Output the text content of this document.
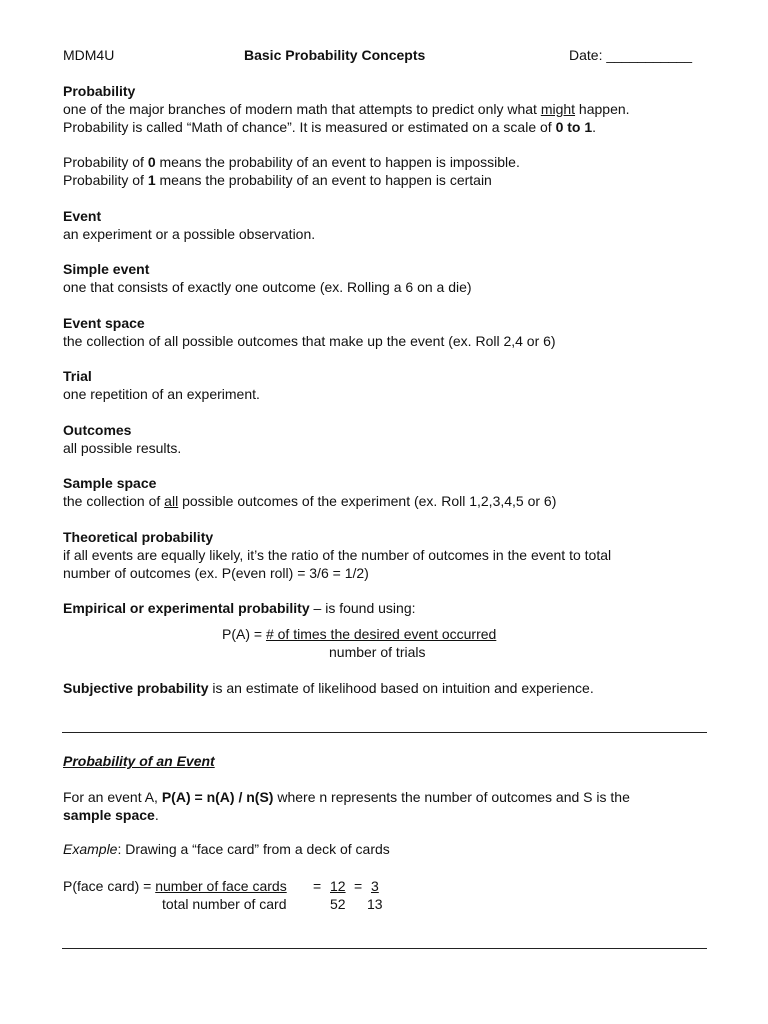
MDM4U	Basic Probability Concepts	Date: ___________
Probability
one of the major branches of modern math that attempts to predict only what might happen.
Probability is called “Math of chance”. It is measured or estimated on a scale of 0 to 1.
Probability of 0 means the probability of an event to happen is impossible.
Probability of 1 means the probability of an event to happen is certain
Event
an experiment or a possible observation.
Simple event
one that consists of exactly one outcome (ex. Rolling a 6 on a die)
Event space
the collection of all possible outcomes that make up the event (ex. Roll 2,4 or 6)
Trial
one repetition of an experiment.
Outcomes
all possible results.
Sample space
the collection of all possible outcomes of the experiment (ex. Roll 1,2,3,4,5 or 6)
Theoretical probability
if all events are equally likely, it’s the ratio of the number of outcomes in the event to total
number of outcomes (ex. P(even roll) = 3/6 = 1/2)
Empirical or experimental probability – is found using:
P(A) = # of times the desired event occurred
number of trials
Subjective probability is an estimate of likelihood based on intuition and experience.
Probability of an Event
For an event A, P(A) = n(A) / n(S) where n represents the number of outcomes and S is the
sample space.
Example: Drawing a “face card” from a deck of cards
P(face card) = number of face cards
total number of card
= 12
52
= 3
13
